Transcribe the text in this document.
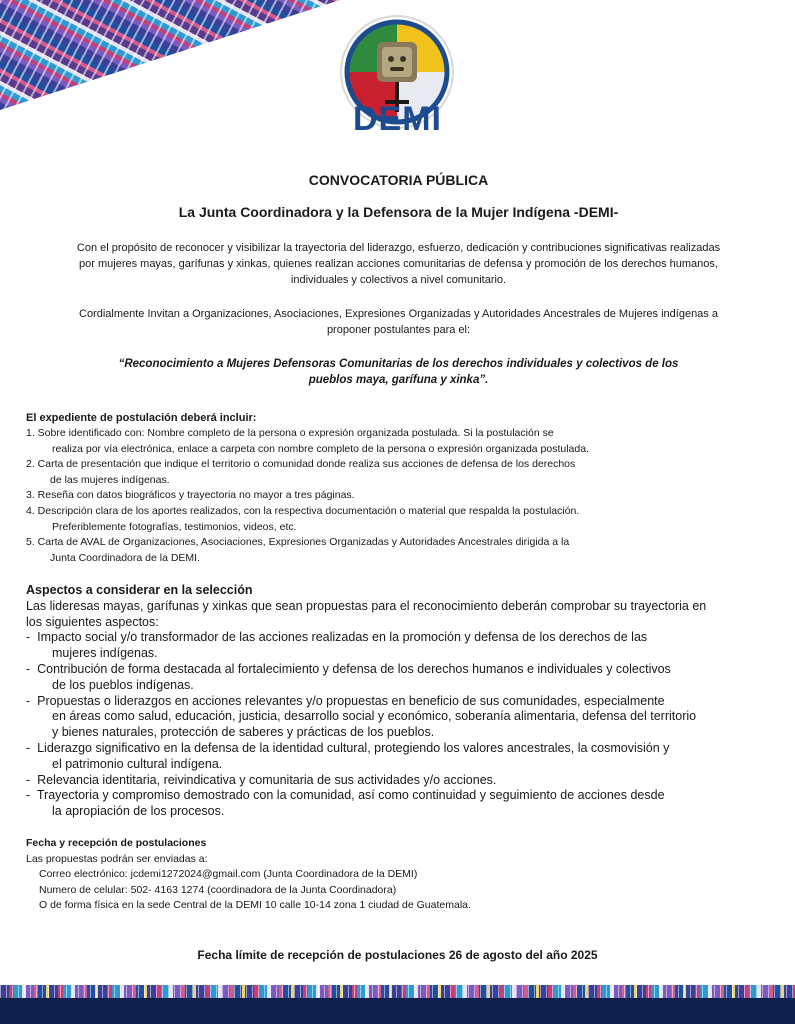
DEMI

CONVOCATORIA PÚBLICA

La Junta Coordinadora y la Defensora de la Mujer Indígena -DEMI-

Con el propósito de reconocer y visibilizar la trayectoria del liderazgo, esfuerzo, dedicación y contribuciones significativas realizadas
por mujeres mayas, garífunas y xinkas, quienes realizan acciones comunitarias de defensa y promoción de los derechos humanos,
individuales y colectivos a nivel comunitario.
Cordialmente Invitan a Organizaciones, Asociaciones, Expresiones Organizadas y Autoridades Ancestrales de Mujeres indígenas a
proponer postulantes para el:
“Reconocimiento a Mujeres Defensoras Comunitarias de los derechos individuales y colectivos de los
pueblos maya, garífuna y xinka”.

El expediente de postulación deberá incluir:

1. Sobre identificado con: Nombre completo de la persona o expresión organizada postulada. Si la postulación se
realiza por vía electrónica, enlace a carpeta con nombre completo de la persona o expresión organizada postulada.
2. Carta de presentación que indique el territorio o comunidad donde realiza sus acciones de defensa de los derechos
de las mujeres indígenas.
3. Reseña con datos biográficos y trayectoria no mayor a tres páginas.
4. Descripción clara de los aportes realizados, con la respectiva documentación o material que respalda la postulación.
Preferiblemente fotografías, testimonios, videos, etc.
5. Carta de AVAL de Organizaciones, Asociaciones, Expresiones Organizadas y Autoridades Ancestrales dirigida a la
Junta Coordinadora de la DEMI.

Aspectos a considerar en la selección

Las lideresas mayas, garífunas y xinkas que sean propuestas para el reconocimiento deberán comprobar su trayectoria en
los siguientes aspectos:
- Impacto social y/o transformador de las acciones realizadas en la promoción y defensa de los derechos de las
mujeres indígenas.
- Contribución de forma destacada al fortalecimiento y defensa de los derechos humanos e individuales y colectivos
de los pueblos indígenas.
- Propuestas o liderazgos en acciones relevantes y/o propuestas en beneficio de sus comunidades, especialmente
en áreas como salud, educación, justicia, desarrollo social y económico, soberanía alimentaria, defensa del territorio
y bienes naturales, protección de saberes y prácticas de los pueblos.
- Liderazgo significativo en la defensa de la identidad cultural, protegiendo los valores ancestrales, la cosmovisión y
el patrimonio cultural indígena.
- Relevancia identitaria, reivindicativa y comunitaria de sus actividades y/o acciones.
- Trayectoria y compromiso demostrado con la comunidad, así como continuidad y seguimiento de acciones desde
la apropiación de los procesos.

Fecha y recepción de postulaciones

Las propuestas podrán ser enviadas a:
Correo electrónico: jcdemi1272024@gmail.com (Junta Coordinadora de la DEMI)
Numero de celular: 502- 4163 1274 (coordinadora de la Junta Coordinadora)
O de forma física en la sede Central de la DEMI 10 calle 10-14 zona 1 ciudad de Guatemala.
Fecha límite de recepción de postulaciones 26 de agosto del año 2025
